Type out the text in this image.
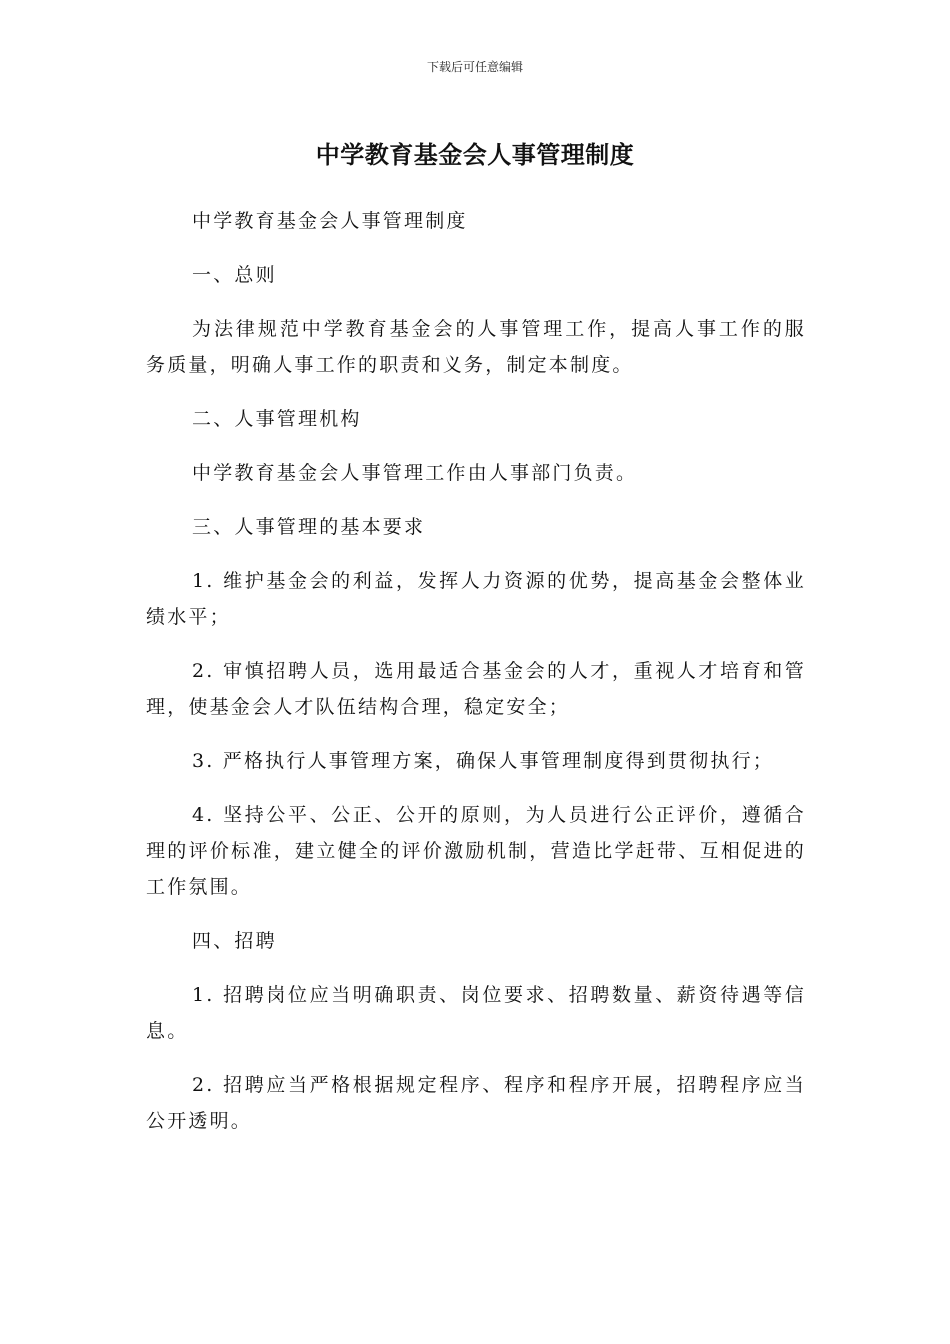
下载后可任意编辑
中学教育基金会人事管理制度

中学教育基金会人事管理制度

一、总则

为法律规范中学教育基金会的人事管理工作，提高人事工作的服务质量，明确人事工作的职责和义务，制定本制度。

二、人事管理机构

中学教育基金会人事管理工作由人事部门负责。

三、人事管理的基本要求

1. 维护基金会的利益，发挥人力资源的优势，提高基金会整体业绩水平；

2. 审慎招聘人员，选用最适合基金会的人才，重视人才培育和管理，使基金会人才队伍结构合理，稳定安全；

3. 严格执行人事管理方案，确保人事管理制度得到贯彻执行；

4. 坚持公平、公正、公开的原则，为人员进行公正评价，遵循合理的评价标准，建立健全的评价激励机制，营造比学赶带、互相促进的工作氛围。

四、招聘

1. 招聘岗位应当明确职责、岗位要求、招聘数量、薪资待遇等信息。

2. 招聘应当严格根据规定程序、程序和程序开展，招聘程序应当公开透明。
